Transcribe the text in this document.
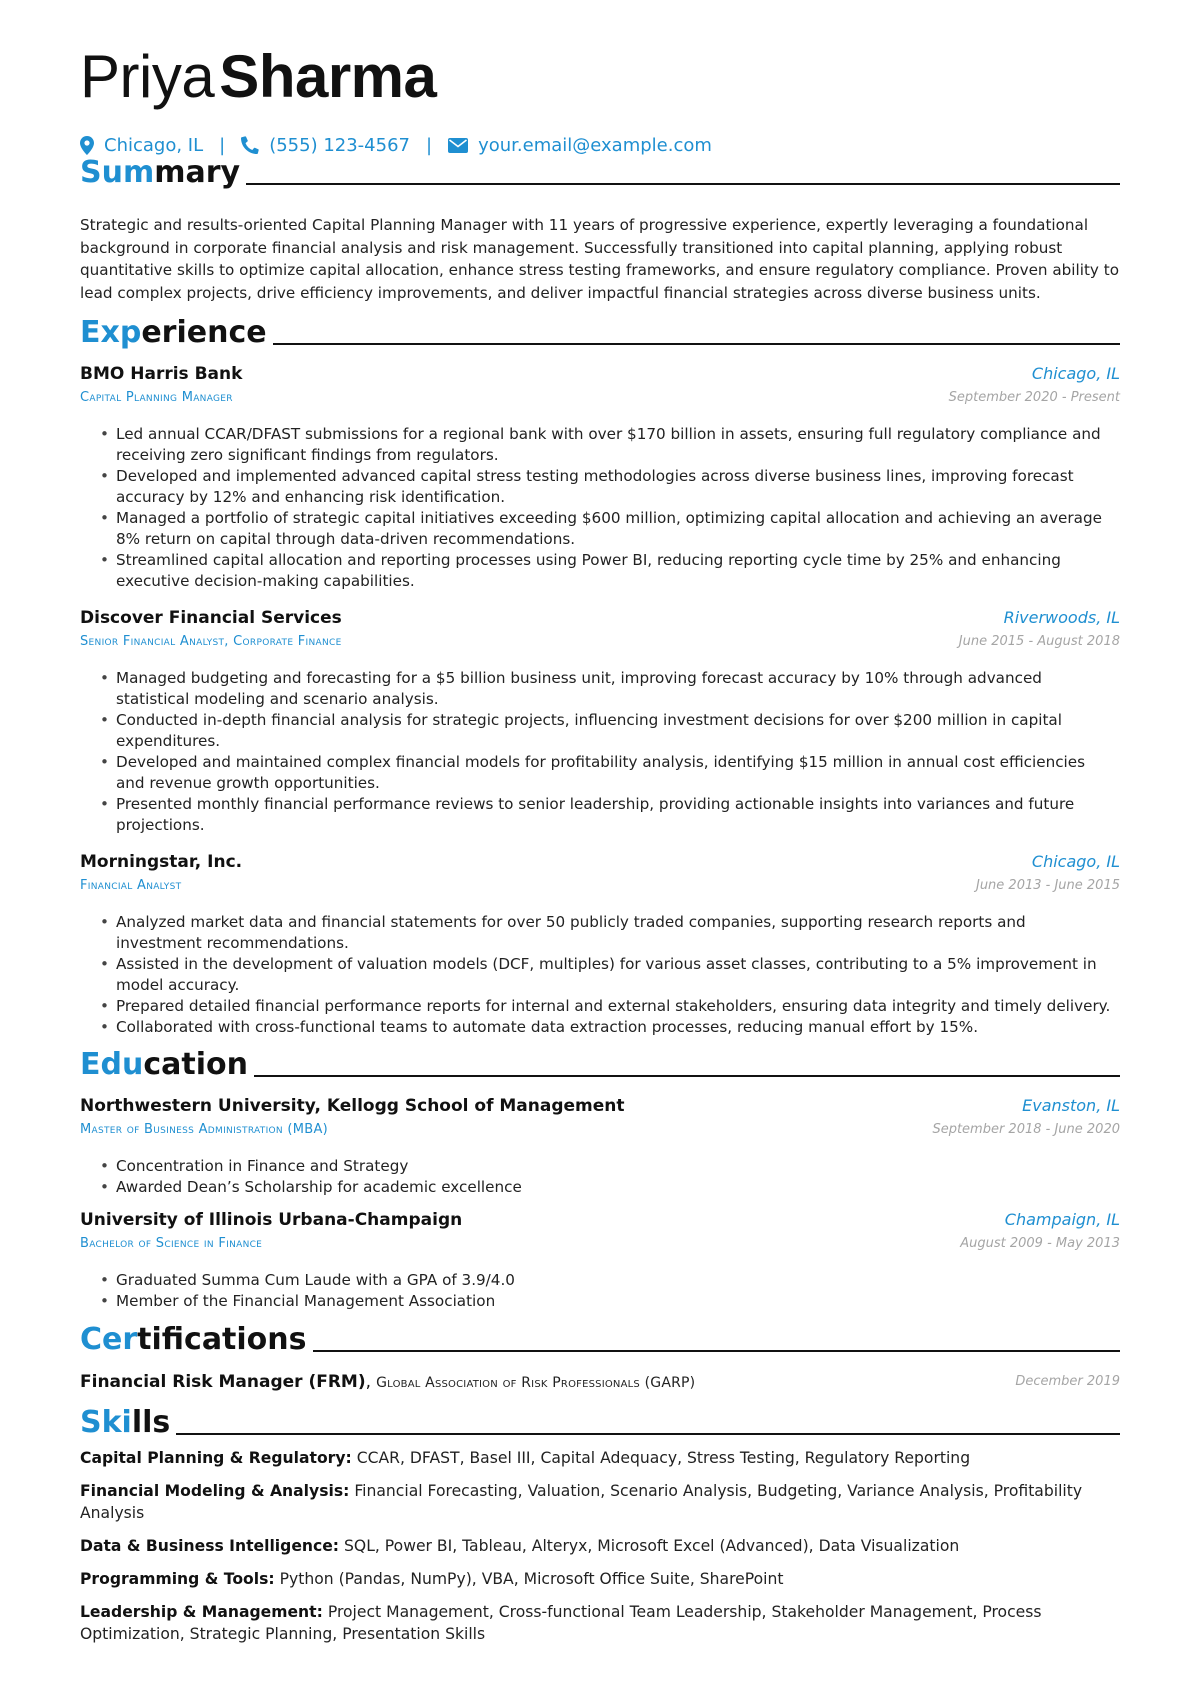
Priya Sharma
Chicago, IL | (555) 123-4567 |	your.email@example.com
Summary
Strategic and results-oriented Capital Planning Manager with 11 years of progressive experience, expertly leveraging a foundational background in corporate financial analysis and risk management. Successfully transitioned into capital planning, applying robust quantitative skills to optimize capital allocation, enhance stress testing frameworks, and ensure regulatory compliance. Proven ability to lead complex projects, drive efficiency improvements, and deliver impactful financial strategies across diverse business units.
Experience
BMO Harris Bank	Chicago, IL
Capital Planning Manager	September 2020 - Present
• Led annual CCAR/DFAST submissions for a regional bank with over $170 billion in assets, ensuring full regulatory compliance and receiving zero significant findings from regulators.
• Developed and implemented advanced capital stress testing methodologies across diverse business lines, improving forecast accuracy by 12% and enhancing risk identification.
• Managed a portfolio of strategic capital initiatives exceeding $600 million, optimizing capital allocation and achieving an average 8% return on capital through data-driven recommendations.
• Streamlined capital allocation and reporting processes using Power BI, reducing reporting cycle time by 25% and enhancing executive decision-making capabilities.
Discover Financial Services	Riverwoods, IL
Senior Financial Analyst, Corporate Finance	June 2015 - August 2018
• Managed budgeting and forecasting for a $5 billion business unit, improving forecast accuracy by 10% through advanced statistical modeling and scenario analysis.
• Conducted in-depth financial analysis for strategic projects, influencing investment decisions for over $200 million in capital expenditures.
• Developed and maintained complex financial models for profitability analysis, identifying $15 million in annual cost efficiencies and revenue growth opportunities.
• Presented monthly financial performance reviews to senior leadership, providing actionable insights into variances and future projections.
Morningstar, Inc.	Chicago, IL
Financial Analyst	June 2013 - June 2015
• Analyzed market data and financial statements for over 50 publicly traded companies, supporting research reports and investment recommendations.
• Assisted in the development of valuation models (DCF, multiples) for various asset classes, contributing to a 5% improvement in model accuracy.
• Prepared detailed financial performance reports for internal and external stakeholders, ensuring data integrity and timely delivery.
• Collaborated with cross-functional teams to automate data extraction processes, reducing manual effort by 15%.
Education
Northwestern University, Kellogg School of Management	Evanston, IL
Master of Business Administration (MBA)	September 2018 - June 2020
• Concentration in Finance and Strategy
• Awarded Dean’s Scholarship for academic excellence
University of Illinois Urbana-Champaign	Champaign, IL
Bachelor of Science in Finance	August 2009 - May 2013
• Graduated Summa Cum Laude with a GPA of 3.9/4.0
• Member of the Financial Management Association
Certifications
Financial Risk Manager (FRM), Global Association of Risk Professionals (GARP)	December 2019
Skills
Capital Planning & Regulatory: CCAR, DFAST, Basel III, Capital Adequacy, Stress Testing, Regulatory Reporting
Financial Modeling & Analysis: Financial Forecasting, Valuation, Scenario Analysis, Budgeting, Variance Analysis, Profitability Analysis
Data & Business Intelligence: SQL, Power BI, Tableau, Alteryx, Microsoft Excel (Advanced), Data Visualization
Programming & Tools: Python (Pandas, NumPy), VBA, Microsoft Office Suite, SharePoint
Leadership & Management: Project Management, Cross-functional Team Leadership, Stakeholder Management, Process Optimization, Strategic Planning, Presentation Skills
